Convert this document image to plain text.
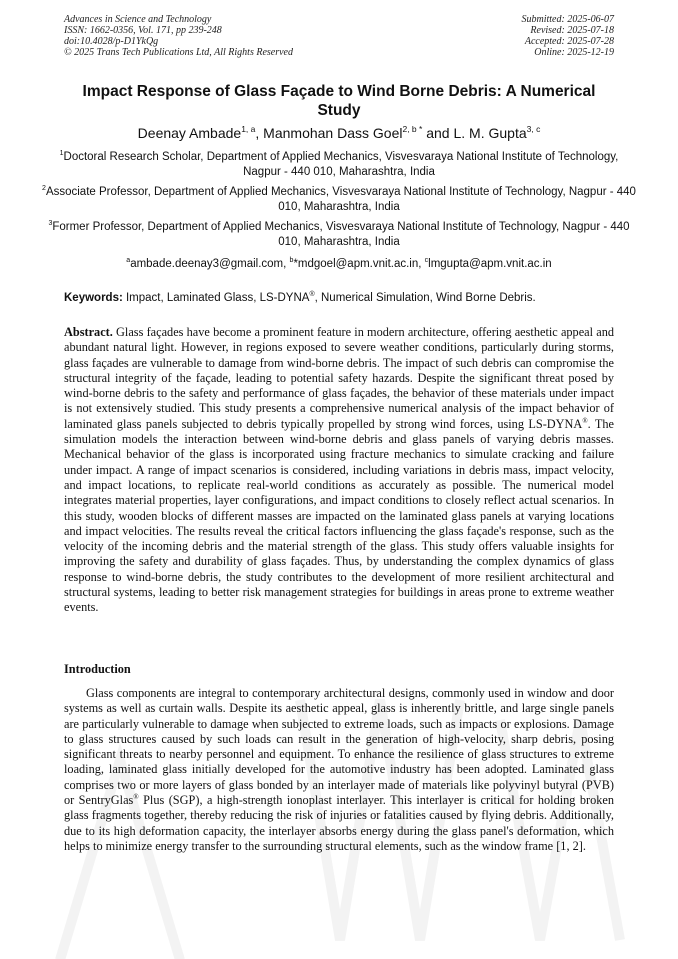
Advances in Science and Technology
ISSN: 1662-0356, Vol. 171, pp 239-248
doi:10.4028/p-D1YkQg
© 2025 Trans Tech Publications Ltd, All Rights Reserved
Submitted: 2025-06-07
Revised: 2025-07-18
Accepted: 2025-07-28
Online: 2025-12-19
Impact Response of Glass Façade to Wind Borne Debris: A Numerical Study
Deenay Ambade$^{1, a}$, Manmohan Dass Goel$^{2, b *}$ and L. M. Gupta$^{3, c}$
$^1$Doctoral Research Scholar, Department of Applied Mechanics, Visvesvaraya National Institute of Technology, Nagpur - 440 010, Maharashtra, India
$^2$Associate Professor, Department of Applied Mechanics, Visvesvaraya National Institute of Technology, Nagpur - 440 010, Maharashtra, India
$^3$Former Professor, Department of Applied Mechanics, Visvesvaraya National Institute of Technology, Nagpur - 440 010, Maharashtra, India
$^a$ambade.deenay3@gmail.com, $^b$*mdgoel@apm.vnit.ac.in, $^c$lmgupta@apm.vnit.ac.in
Keywords: Impact, Laminated Glass, LS-DYNA®, Numerical Simulation, Wind Borne Debris.

Abstract. Glass façades have become a prominent feature in modern architecture, offering aesthetic appeal and abundant natural light. However, in regions exposed to severe weather conditions, particularly during storms, glass façades are vulnerable to damage from wind-borne debris. The impact of such debris can compromise the structural integrity of the façade, leading to potential safety hazards. Despite the significant threat posed by wind-borne debris to the safety and performance of glass façades, the behavior of these materials under impact is not extensively studied. This study presents a comprehensive numerical analysis of the impact behavior of laminated glass panels subjected to debris typically propelled by strong wind forces, using LS-DYNA®. The simulation models the interaction between wind-borne debris and glass panels of varying debris masses. Mechanical behavior of the glass is incorporated using fracture mechanics to simulate cracking and failure under impact. A range of impact scenarios is considered, including variations in debris mass, impact velocity, and impact locations, to replicate real-world conditions as accurately as possible. The numerical model integrates material properties, layer configurations, and impact conditions to closely reflect actual scenarios. In this study, wooden blocks of different masses are impacted on the laminated glass panels at varying locations and impact velocities. The results reveal the critical factors influencing the glass façade's response, such as the velocity of the incoming debris and the material strength of the glass. This study offers valuable insights for improving the safety and durability of glass façades. Thus, by understanding the complex dynamics of glass response to wind-borne debris, the study contributes to the development of more resilient architectural and structural systems, leading to better risk management strategies for buildings in areas prone to extreme weather events.

Introduction

Glass components are integral to contemporary architectural designs, commonly used in window and door systems as well as curtain walls. Despite its aesthetic appeal, glass is inherently brittle, and large single panels are particularly vulnerable to damage when subjected to extreme loads, such as impacts or explosions. Damage to glass structures caused by such loads can result in the generation of high-velocity, sharp debris, posing significant threats to nearby personnel and equipment. To enhance the resilience of glass structures to extreme loading, laminated glass initially developed for the automotive industry has been adopted. Laminated glass comprises two or more layers of glass bonded by an interlayer made of materials like polyvinyl butyral (PVB) or SentryGlas® Plus (SGP), a high-strength ionoplast interlayer. This interlayer is critical for holding broken glass fragments together, thereby reducing the risk of injuries or fatalities caused by flying debris. Additionally, due to its high deformation capacity, the interlayer absorbs energy during the glass panel's deformation, which helps to minimize energy transfer to the surrounding structural elements, such as the window frame [1, 2].
